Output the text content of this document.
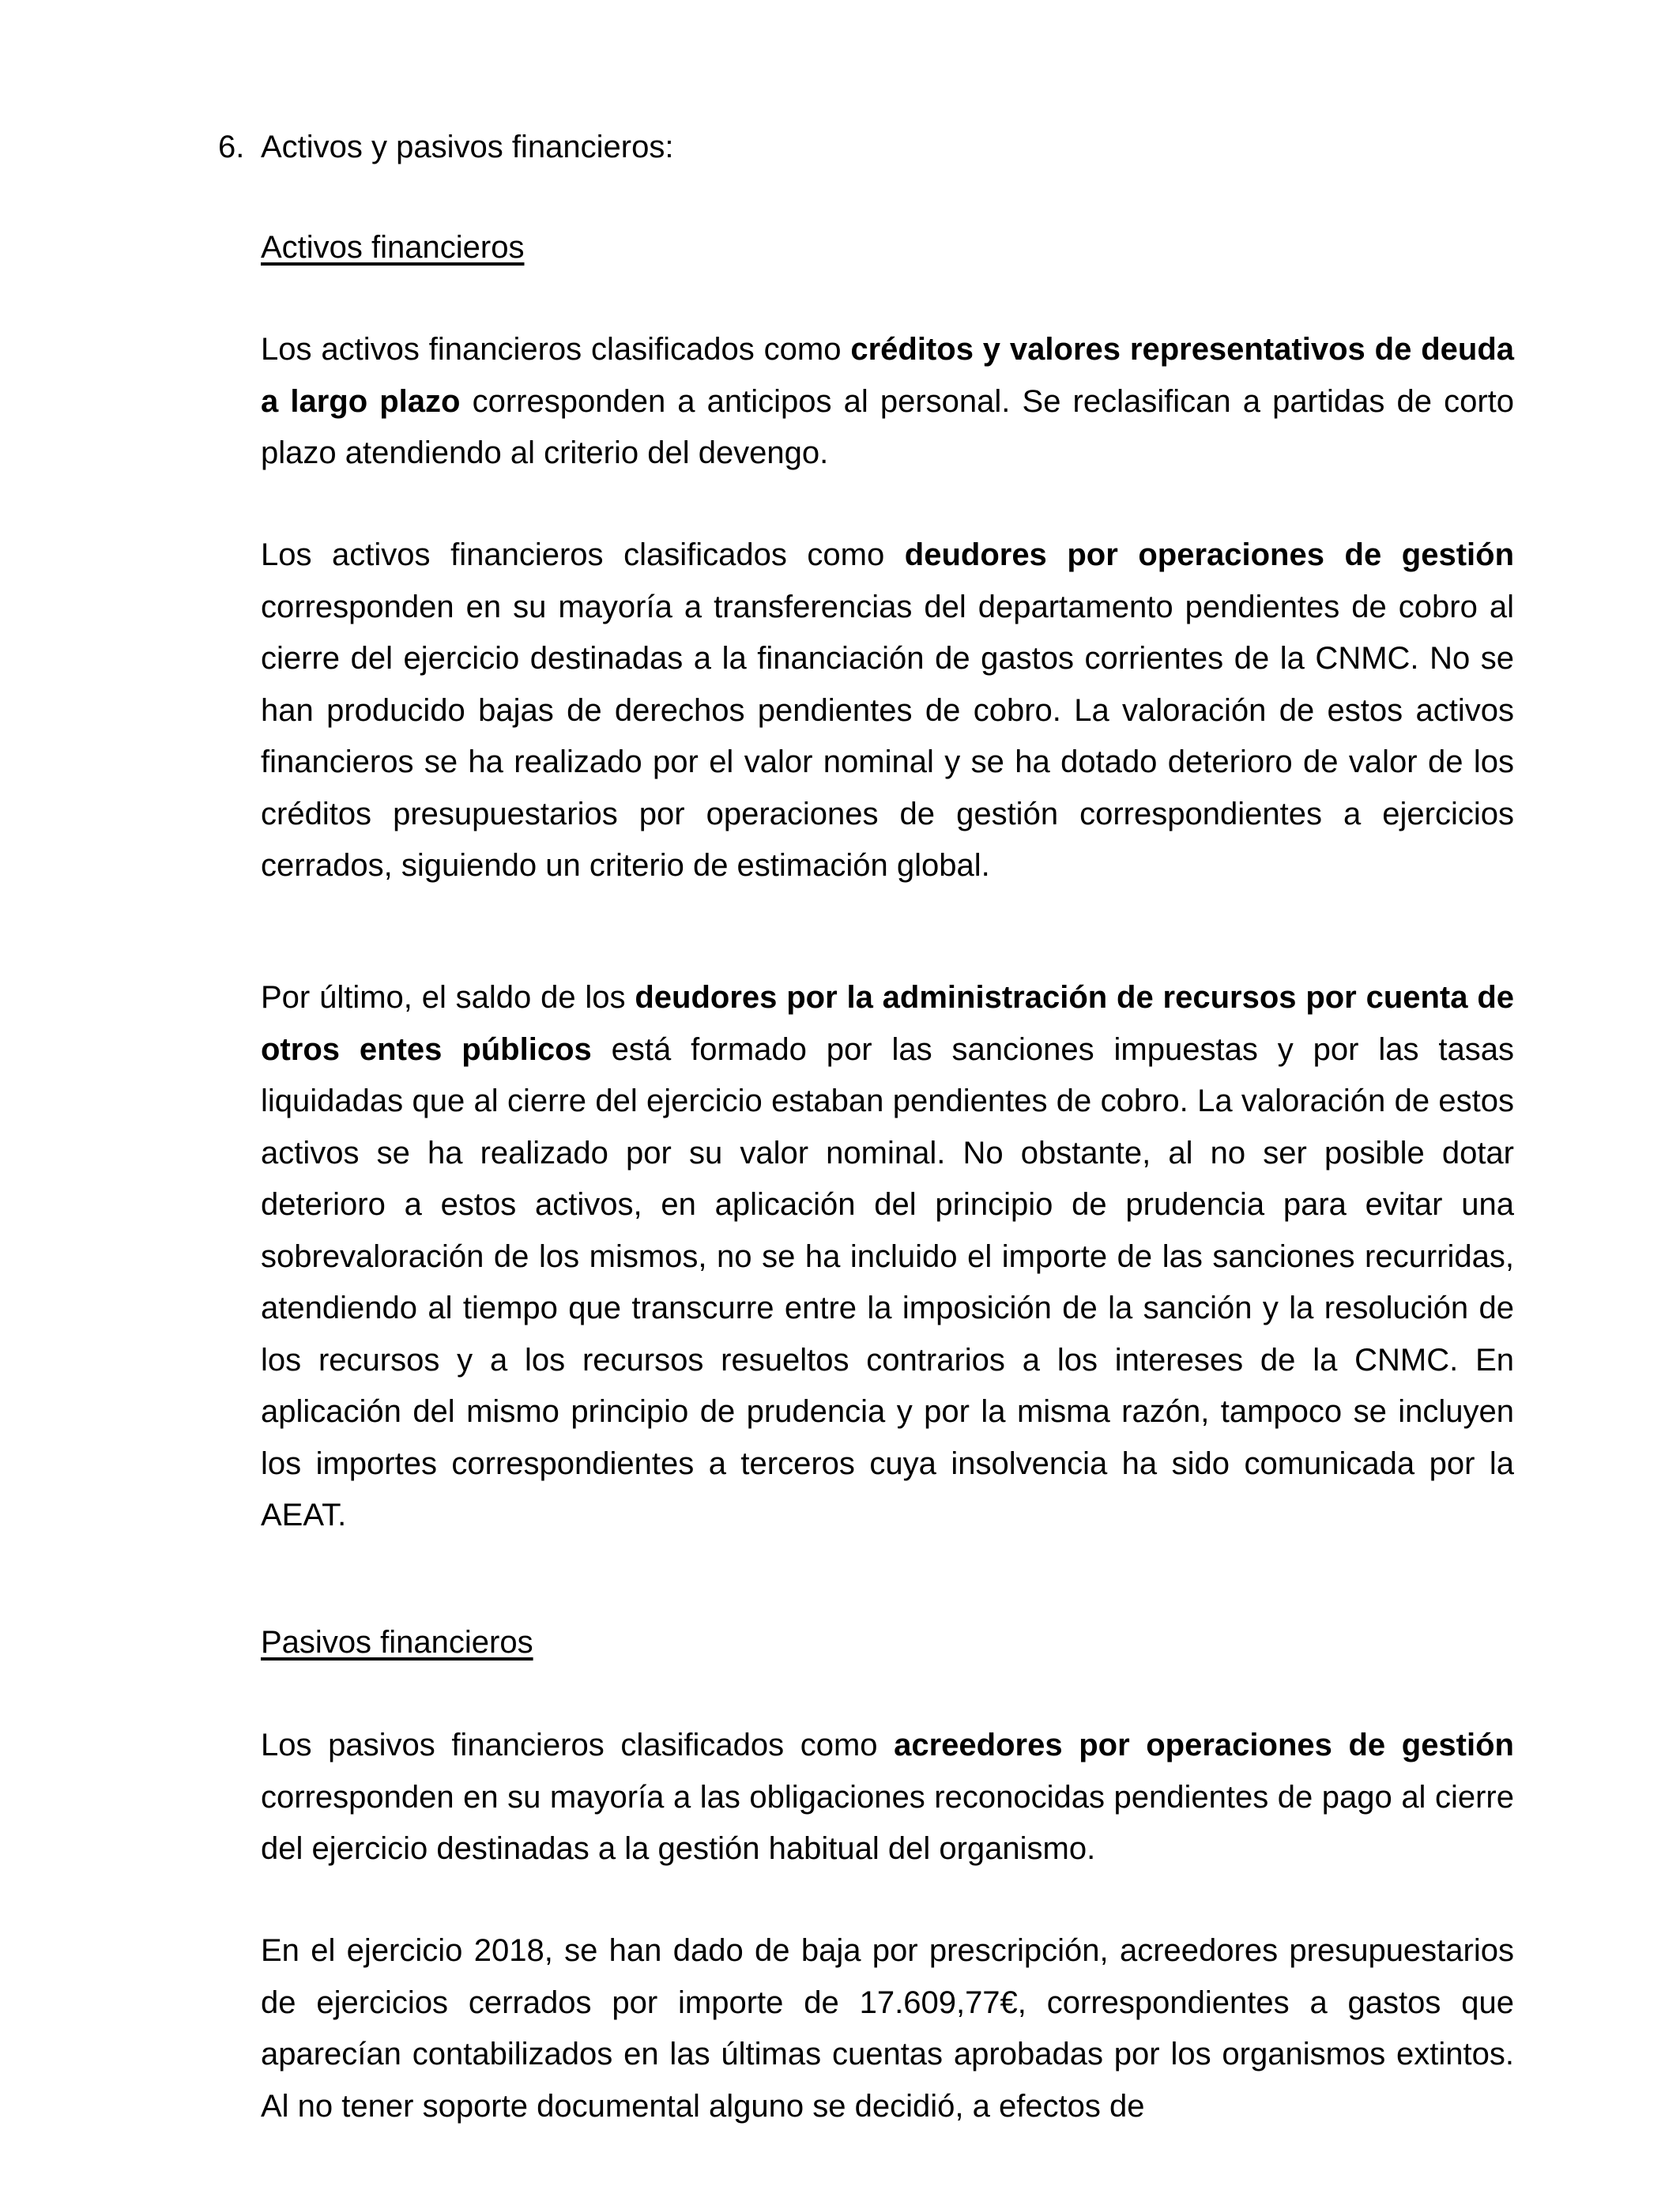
6. Activos y pasivos financieros:
Activos financieros

Los activos financieros clasificados como créditos y valores representativos de deuda a largo plazo corresponden a anticipos al personal. Se reclasifican a partidas de corto plazo atendiendo al criterio del devengo.

Los activos financieros clasificados como deudores por operaciones de gestión corresponden en su mayoría a transferencias del departamento pendientes de cobro al cierre del ejercicio destinadas a la financiación de gastos corrientes de la CNMC. No se han producido bajas de derechos pendientes de cobro. La valoración de estos activos financieros se ha realizado por el valor nominal y se ha dotado deterioro de valor de los créditos presupuestarios por operaciones de gestión correspondientes a ejercicios cerrados, siguiendo un criterio de estimación global.

Por último, el saldo de los deudores por la administración de recursos por cuenta de otros entes públicos está formado por las sanciones impuestas y por las tasas liquidadas que al cierre del ejercicio estaban pendientes de cobro. La valoración de estos activos se ha realizado por su valor nominal. No obstante, al no ser posible dotar deterioro a estos activos, en aplicación del principio de prudencia para evitar una sobrevaloración de los mismos, no se ha incluido el importe de las sanciones recurridas, atendiendo al tiempo que transcurre entre la imposición de la sanción y la resolución de los recursos y a los recursos resueltos contrarios a los intereses de la CNMC. En aplicación del mismo principio de prudencia y por la misma razón, tampoco se incluyen los importes correspondientes a terceros cuya insolvencia ha sido comunicada por la AEAT.

Pasivos financieros

Los pasivos financieros clasificados como acreedores por operaciones de gestión corresponden en su mayoría a las obligaciones reconocidas pendientes de pago al cierre del ejercicio destinadas a la gestión habitual del organismo.

En el ejercicio 2018, se han dado de baja por prescripción, acreedores presupuestarios de ejercicios cerrados por importe de 17.609,77€, correspondientes a gastos que aparecían contabilizados en las últimas cuentas aprobadas por los organismos extintos. Al no tener soporte documental alguno se decidió, a efectos de
